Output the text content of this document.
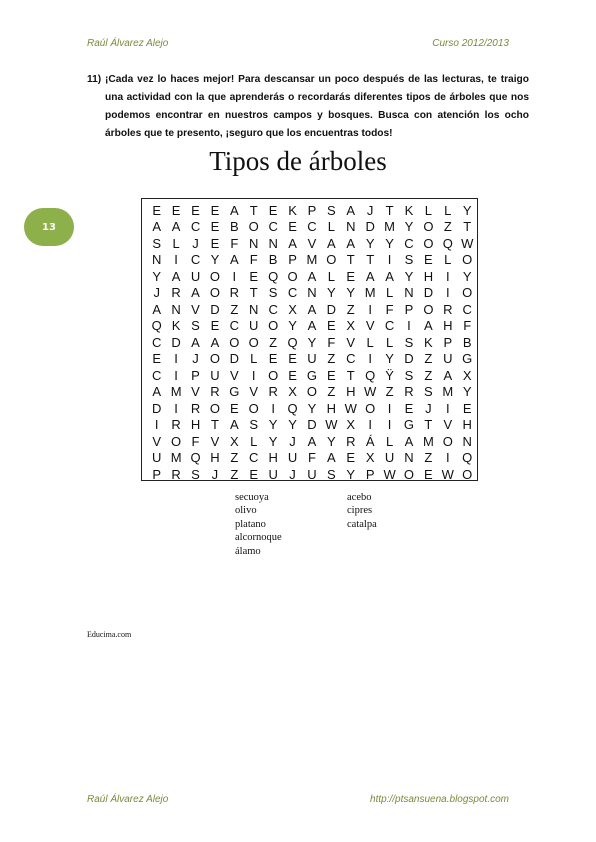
Raúl Álvarez Alejo	Curso 2012/2013
13
11) ¡Cada vez lo haces mejor! Para descansar un poco después de las lecturas, te traigo una actividad con la que aprenderás o recordarás diferentes tipos de árboles que nos podemos encontrar en nuestros campos y bosques. Busca con atención los ocho árboles que te presento, ¡seguro que los encuentras todos!
Tipos de árboles
E E E E A T E K P S A J T K L L Y
A A C E B O C E C L N D M Y O Z T
S L J E F N N A V A A Y Y C O Q W
N I C Y A F B P M O T T	I	S E L O
Y A U O I	E Q O A L E A A Y H I	Y
J R A O R T S C N Y Y M L N D I O
A N V D Z N C X A D Z	I	F P O R C
Q K S E C U O Y A E X V C I	A H F
C D A A O O Z Q Y F V L L S K P B
E	I	J O D L E E U Z C I	Y D Z U G
C I	P U V	I O E G E T Q Ÿ S Z A X
A M V R G V R X O Z H W Z R S M Y
D I R O E O I Q Y H W O I	E J	I	E
I R H T A S Y Y D W X	I	I G T V H
V O F V X L Y J A Y R Á L A M O N
U M Q H Z C H U F A E X U N Z	I Q
P R S J Z E U J U S Y P W O E W O
secuoya
olivo
platano
alcornoque
álamo
acebo
cipres
catalpa
Educima.com
Raúl Álvarez Alejo	http://ptsansuena.blogspot.com
